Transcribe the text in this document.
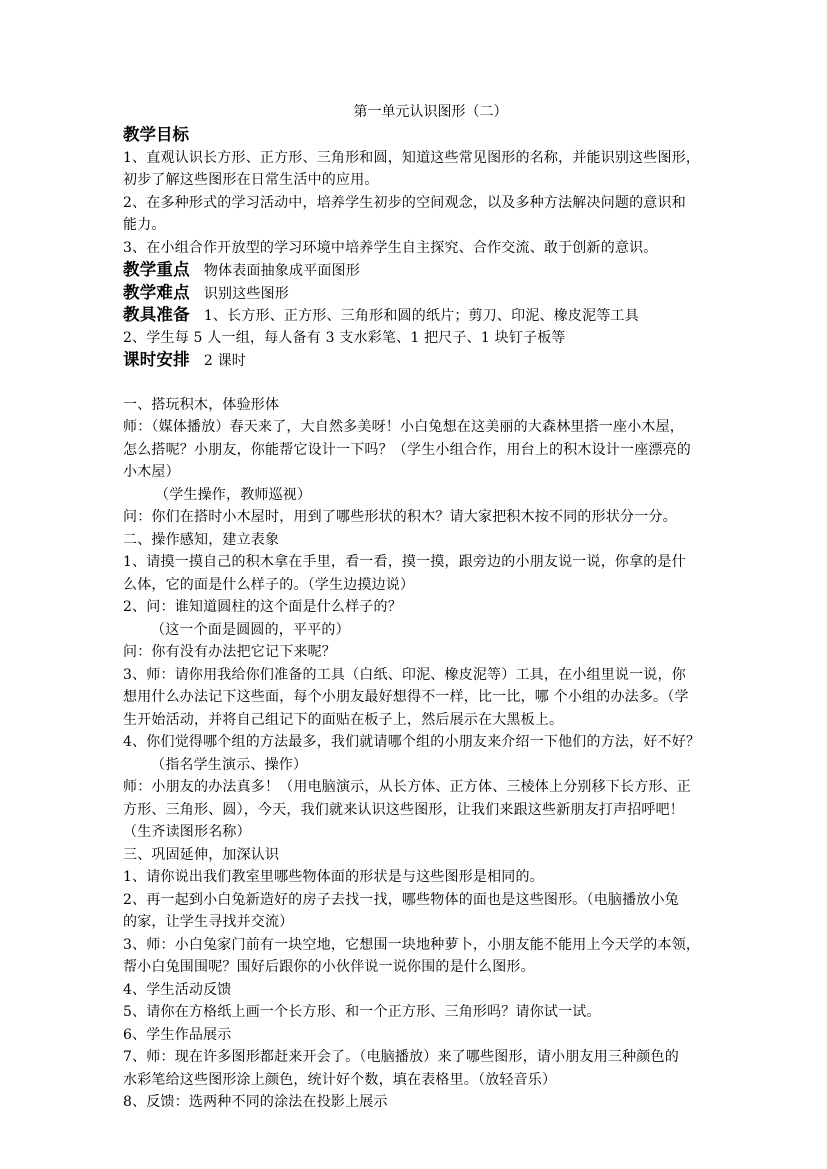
第一单元认识图形（二）
教学目标
1、直观认识长方形、正方形、三角形和圆，知道这些常见图形的名称，并能识别这些图形，
初步了解这些图形在日常生活中的应用。
2、在多种形式的学习活动中，培养学生初步的空间观念，以及多种方法解决问题的意识和
能力。
3、在小组合作开放型的学习环境中培养学生自主探究、合作交流、敢于创新的意识。
教学重点 物体表面抽象成平面图形
教学难点 识别这些图形
教具准备 1、长方形、正方形、三角形和圆的纸片；剪刀、印泥、橡皮泥等工具
2、学生每 5 人一组，每人备有 3 支水彩笔、1 把尺子、1 块钉子板等
课时安排 2 课时
一、搭玩积木，体验形体
师：（媒体播放）春天来了，大自然多美呀！小白兔想在这美丽的大森林里搭一座小木屋，
怎么搭呢？小朋友，你能帮它设计一下吗？（学生小组合作，用台上的积木设计一座漂亮的
小木屋）
（学生操作，教师巡视）
问：你们在搭时小木屋时，用到了哪些形状的积木？请大家把积木按不同的形状分一分。
二、操作感知，建立表象
1、请摸一摸自己的积木拿在手里，看一看，摸一摸，跟旁边的小朋友说一说，你拿的是什
么体，它的面是什么样子的。（学生边摸边说）
2、问：谁知道圆柱的这个面是什么样子的？
（这一个面是圆圆的，平平的）
问：你有没有办法把它记下来呢？
3、师：请你用我给你们准备的工具（白纸、印泥、橡皮泥等）工具，在小组里说一说，你
想用什么办法记下这些面，每个小朋友最好想得不一样，比一比，哪 个小组的办法多。（学
生开始活动，并将自己组记下的面贴在板子上，然后展示在大黑板上。
4、你们觉得哪个组的方法最多，我们就请哪个组的小朋友来介绍一下他们的方法，好不好？
（指名学生演示、操作）
师：小朋友的办法真多！（用电脑演示，从长方体、正方体、三棱体上分别移下长方形、正
方形、三角形、圆），今天，我们就来认识这些图形，让我们来跟这些新朋友打声招呼吧！
（生齐读图形名称）
三、巩固延伸，加深认识
1、请你说出我们教室里哪些物体面的形状是与这些图形是相同的。
2、再一起到小白兔新造好的房子去找一找，哪些物体的面也是这些图形。（电脑播放小兔
的家，让学生寻找并交流）
3、师：小白兔家门前有一块空地，它想围一块地种萝卜，小朋友能不能用上今天学的本领，
帮小白兔围围呢？围好后跟你的小伙伴说一说你围的是什么图形。
4、学生活动反馈
5、请你在方格纸上画一个长方形、和一个正方形、三角形吗？请你试一试。
6、学生作品展示
7、师：现在许多图形都赶来开会了。（电脑播放）来了哪些图形，请小朋友用三种颜色的
水彩笔给这些图形涂上颜色，统计好个数，填在表格里。（放轻音乐）
8、反馈：选两种不同的涂法在投影上展示
